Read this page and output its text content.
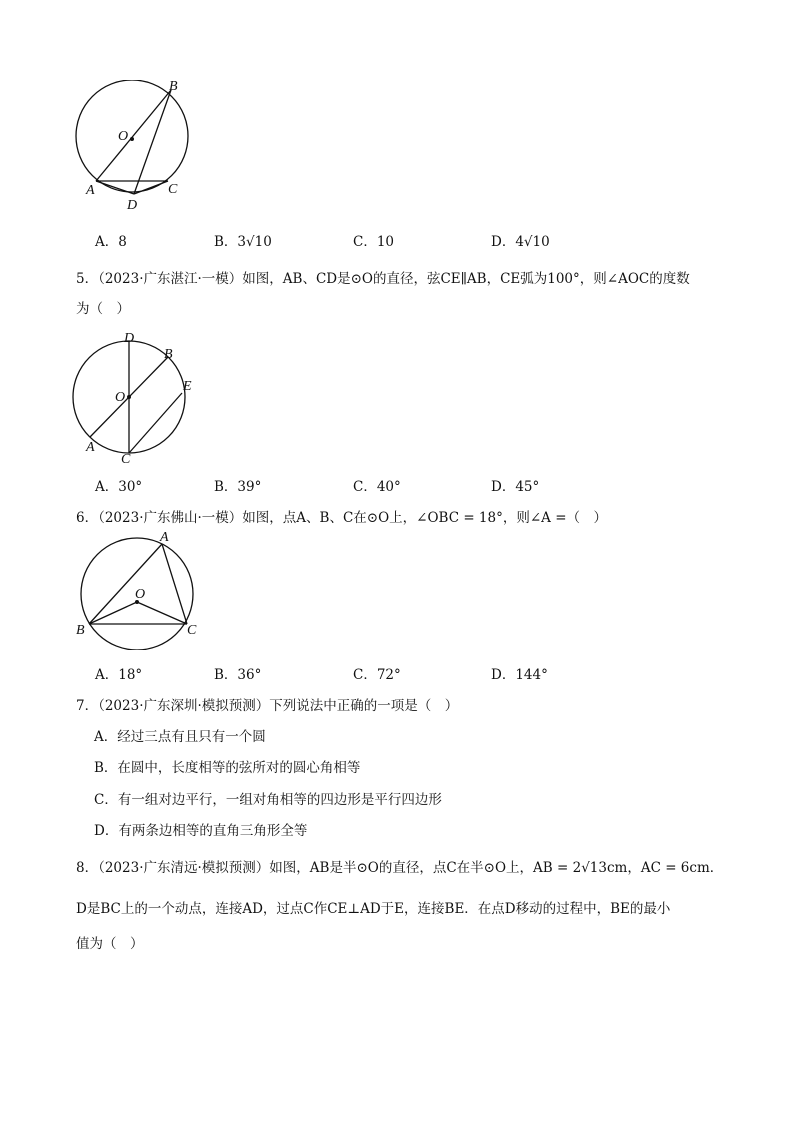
B
O
A
D
C
A．8	B．3√10	C．10	D．4√10
5．（2023·广东湛江·一模）如图，AB、CD是⊙O的直径，弦CE∥AB，CE弧为100°，则∠AOC的度数
为（　）
D
B
E
O
A
C
A．30°	B．39°	C．40°	D．45°
6．（2023·广东佛山·一模）如图，点A、B、C在⊙O上，∠OBC = 18°，则∠A =（　）
A
O
B	C
A．18°	B．36°	C．72°	D．144°
7．（2023·广东深圳·模拟预测）下列说法中正确的一项是（　）
A．经过三点有且只有一个圆
B．在圆中，长度相等的弦所对的圆心角相等
C．有一组对边平行，一组对角相等的四边形是平行四边形
D．有两条边相等的直角三角形全等
8．（2023·广东清远·模拟预测）如图，AB是半⊙O的直径，点C在半⊙O上，AB = 2√13cm，AC = 6cm．
D是BC上的一个动点，连接AD，过点C作CE⊥AD于E，连接BE．在点D移动的过程中，BE的最小
值为（　）
